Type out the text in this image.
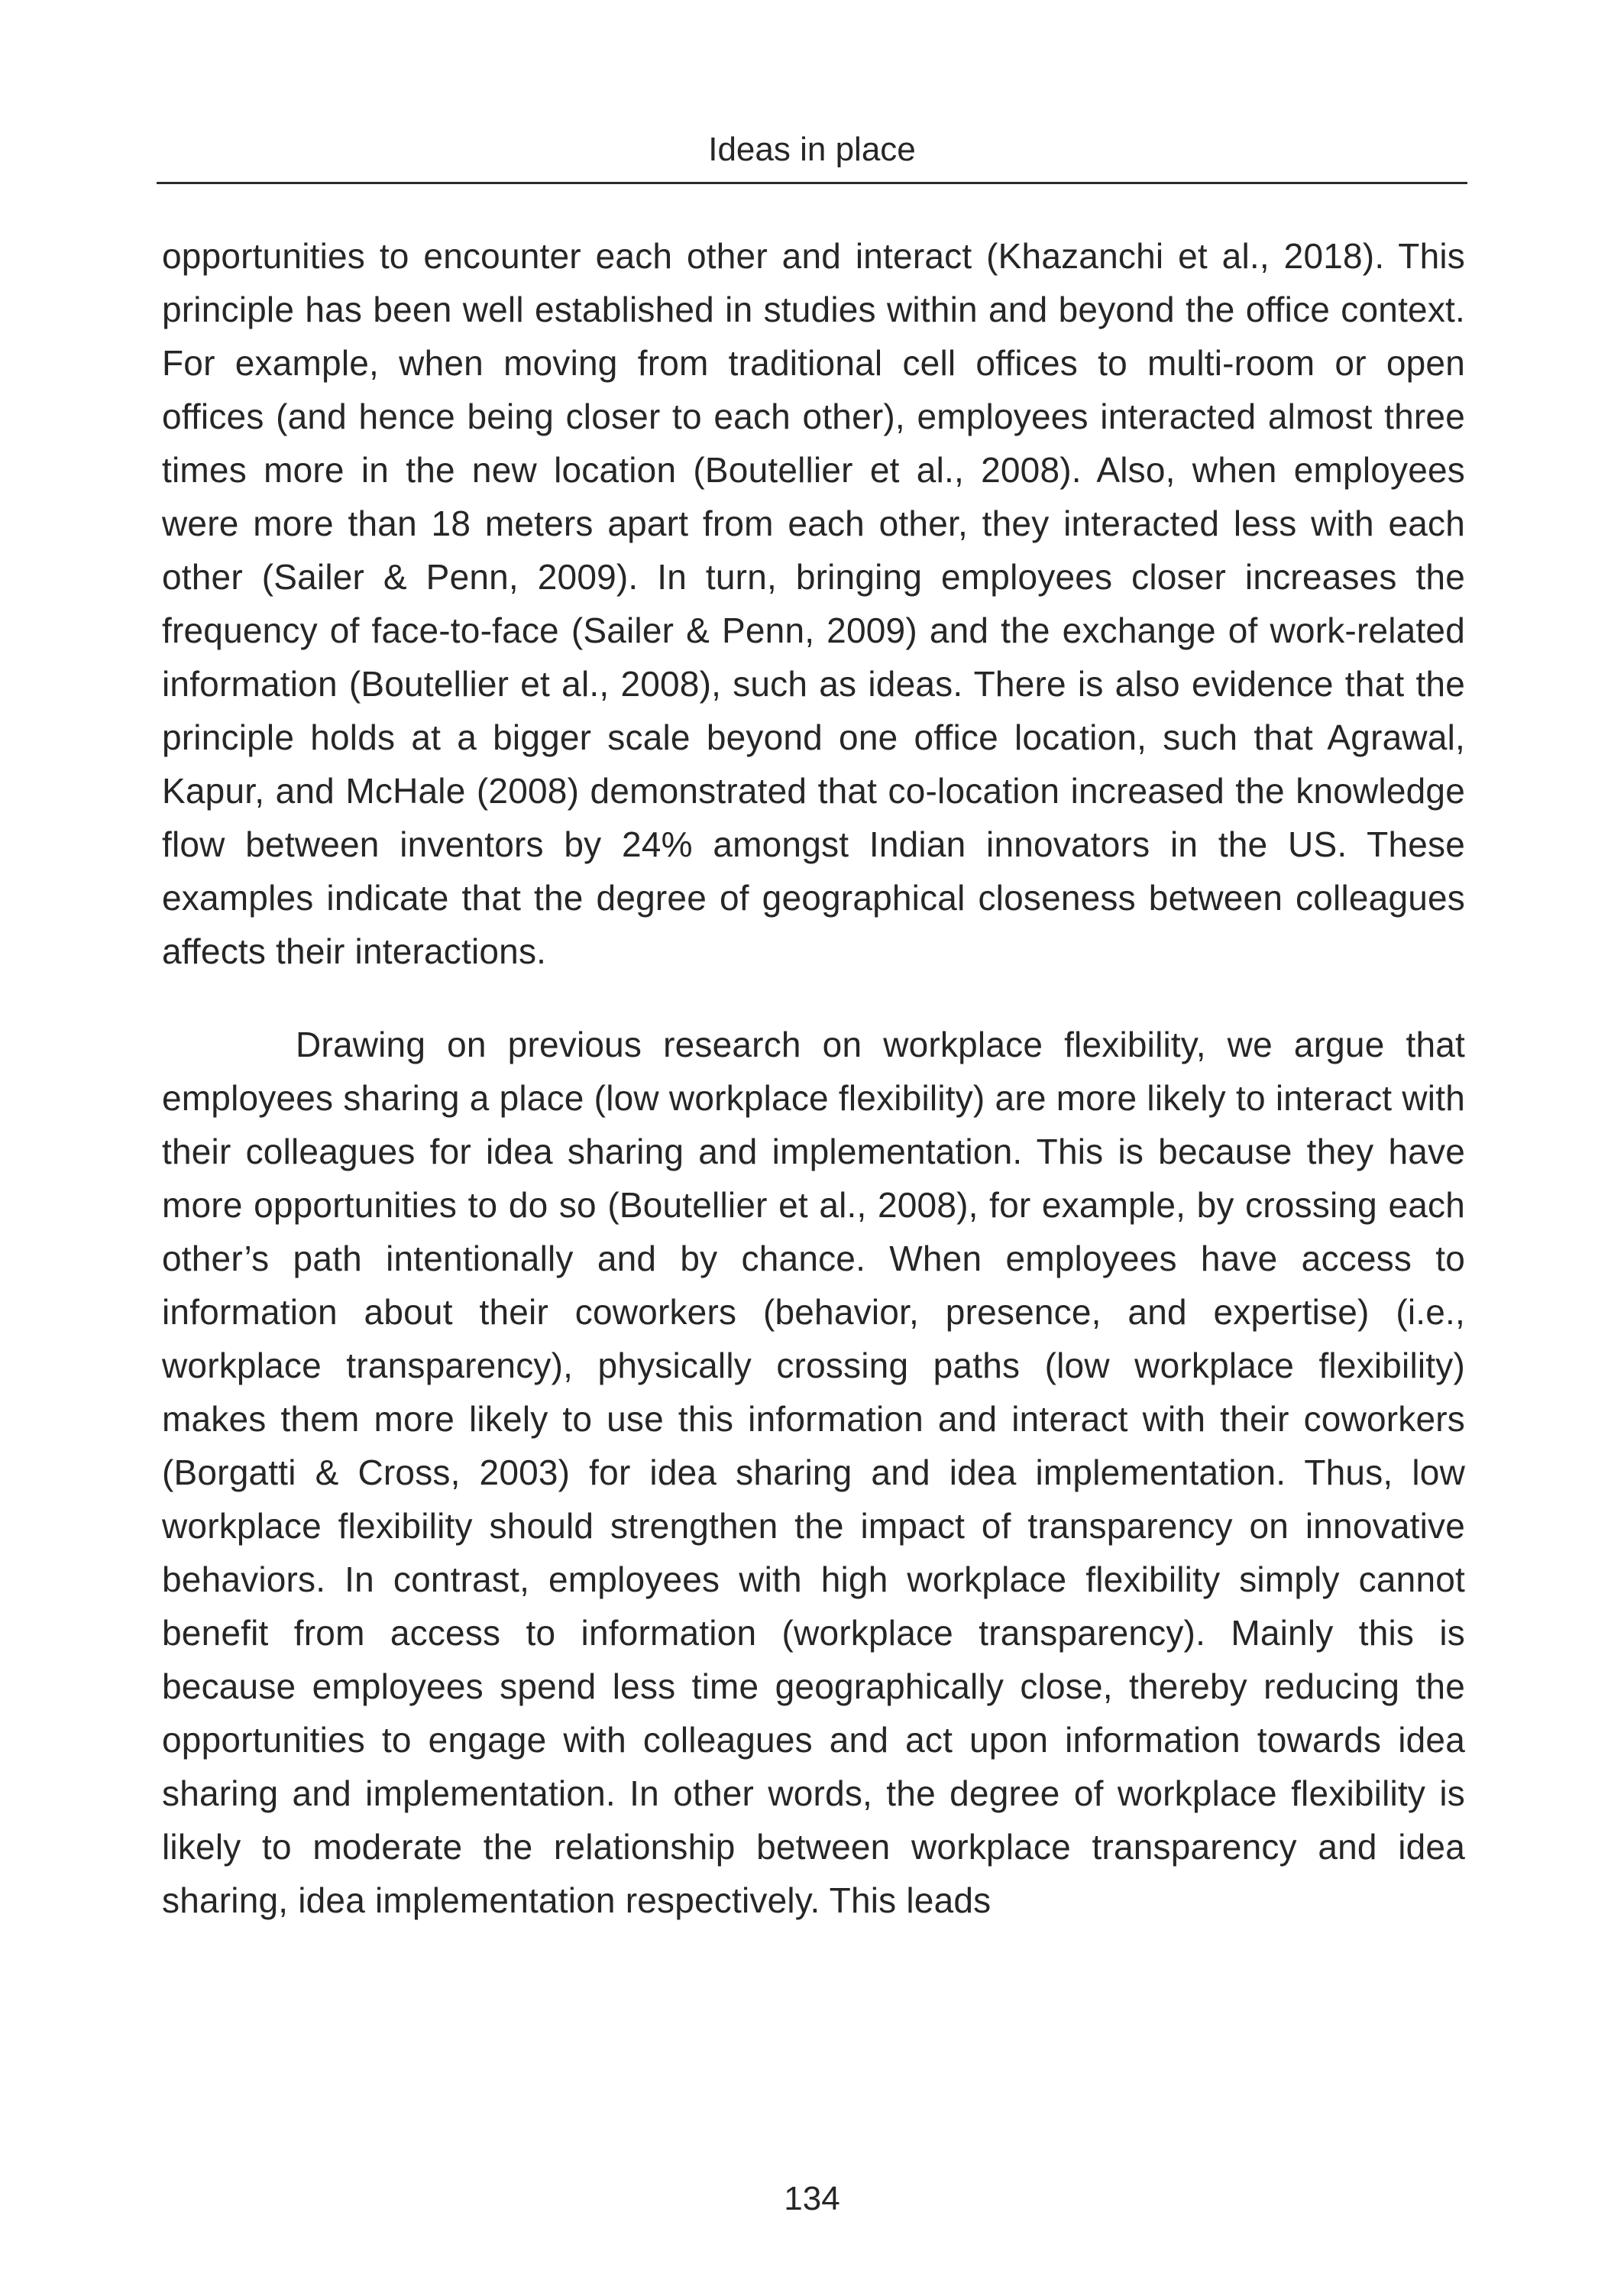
Ideas in place

opportunities to encounter each other and interact (Khazanchi et al., 2018). This principle has been well established in studies within and beyond the office context. For example, when moving from traditional cell offices to multi-room or open offices (and hence being closer to each other), employees interacted almost three times more in the new location (Boutellier et al., 2008). Also, when employees were more than 18 meters apart from each other, they interacted less with each other (Sailer & Penn, 2009). In turn, bringing employees closer increases the frequency of face-to-face (Sailer & Penn, 2009) and the exchange of work-related information (Boutellier et al., 2008), such as ideas. There is also evidence that the principle holds at a bigger scale beyond one office location, such that Agrawal, Kapur, and McHale (2008) demonstrated that co-location increased the knowledge flow between inventors by 24% amongst Indian innovators in the US. These examples indicate that the degree of geographical closeness between colleagues affects their interactions.

Drawing on previous research on workplace flexibility, we argue that employees sharing a place (low workplace flexibility) are more likely to interact with their colleagues for idea sharing and implementation. This is because they have more opportunities to do so (Boutellier et al., 2008), for example, by crossing each other’s path intentionally and by chance. When employees have access to information about their coworkers (behavior, presence, and expertise) (i.e., workplace transparency), physically crossing paths (low workplace flexibility) makes them more likely to use this information and interact with their coworkers (Borgatti & Cross, 2003) for idea sharing and idea implementation. Thus, low workplace flexibility should strengthen the impact of transparency on innovative behaviors. In contrast, employees with high workplace flexibility simply cannot benefit from access to information (workplace transparency). Mainly this is because employees spend less time geographically close, thereby reducing the opportunities to engage with colleagues and act upon information towards idea sharing and implementation. In other words, the degree of workplace flexibility is likely to moderate the relationship between workplace transparency and idea sharing, idea implementation respectively. This leads

134
